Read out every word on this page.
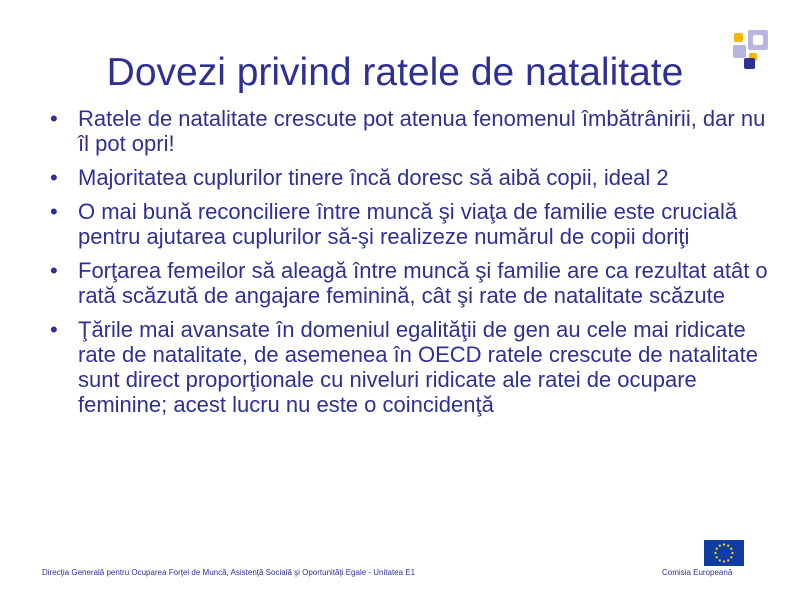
Dovezi privind ratele de natalitate
• Ratele de natalitate crescute pot atenua fenomenul îmbătrânirii, dar nu îl pot opri!
• Majoritatea cuplurilor tinere încă doresc să aibă copii, ideal 2
• O mai bună reconciliere între muncă şi viaţa de familie este crucială pentru ajutarea cuplurilor să-şi realizeze numărul de copii doriţi
• Forţarea femeilor să aleagă între muncă şi familie are ca rezultat atât o rată scăzută de angajare feminină, cât şi rate de natalitate scăzute
• Ţările mai avansate în domeniul egalităţii de gen au cele mai ridicate rate de natalitate, de asemenea în OECD ratele crescute de natalitate sunt direct proporţionale cu niveluri ridicate ale ratei de ocupare feminine; acest lucru nu este o coincidenţă
Direcţia Generală pentru Ocuparea Forţei de Muncă, Asistenţă Socială şi Oportunităţi Egale - Unitatea E1	Comisia Europeană
